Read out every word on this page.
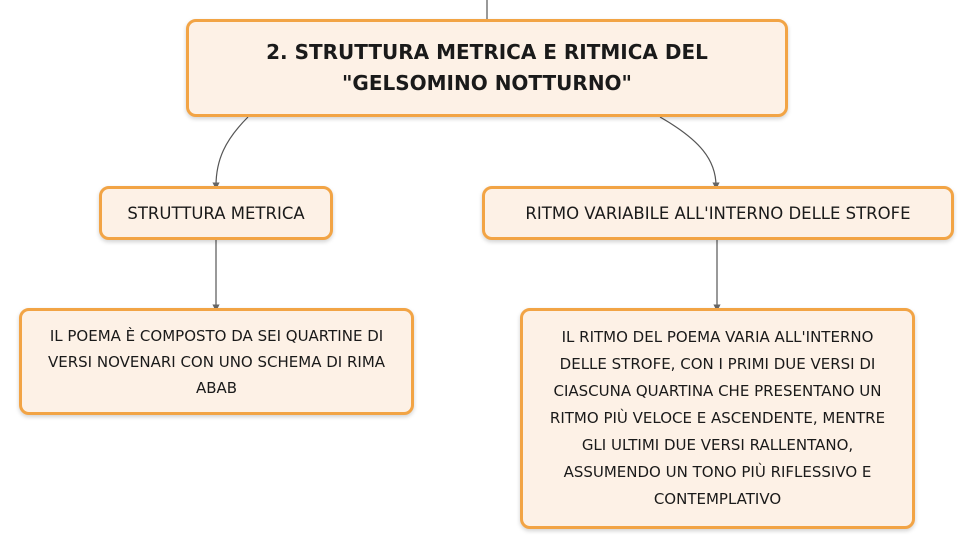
2. STRUTTURA METRICA E RITMICA DEL
"GELSOMINO NOTTURNO"
STRUTTURA METRICA	RITMO VARIABILE ALL'INTERNO DELLE STROFE
IL POEMA È COMPOSTO DA SEI QUARTINE DI VERSI NOVENARI CON UNO SCHEMA DI RIMA ABAB
IL RITMO DEL POEMA VARIA ALL'INTERNO DELLE STROFE, CON I PRIMI DUE VERSI DI CIASCUNA QUARTINA CHE PRESENTANO UN RITMO PIÙ VELOCE E ASCENDENTE, MENTRE GLI ULTIMI DUE VERSI RALLENTANO, ASSUMENDO UN TONO PIÙ RIFLESSIVO E CONTEMPLATIVO
